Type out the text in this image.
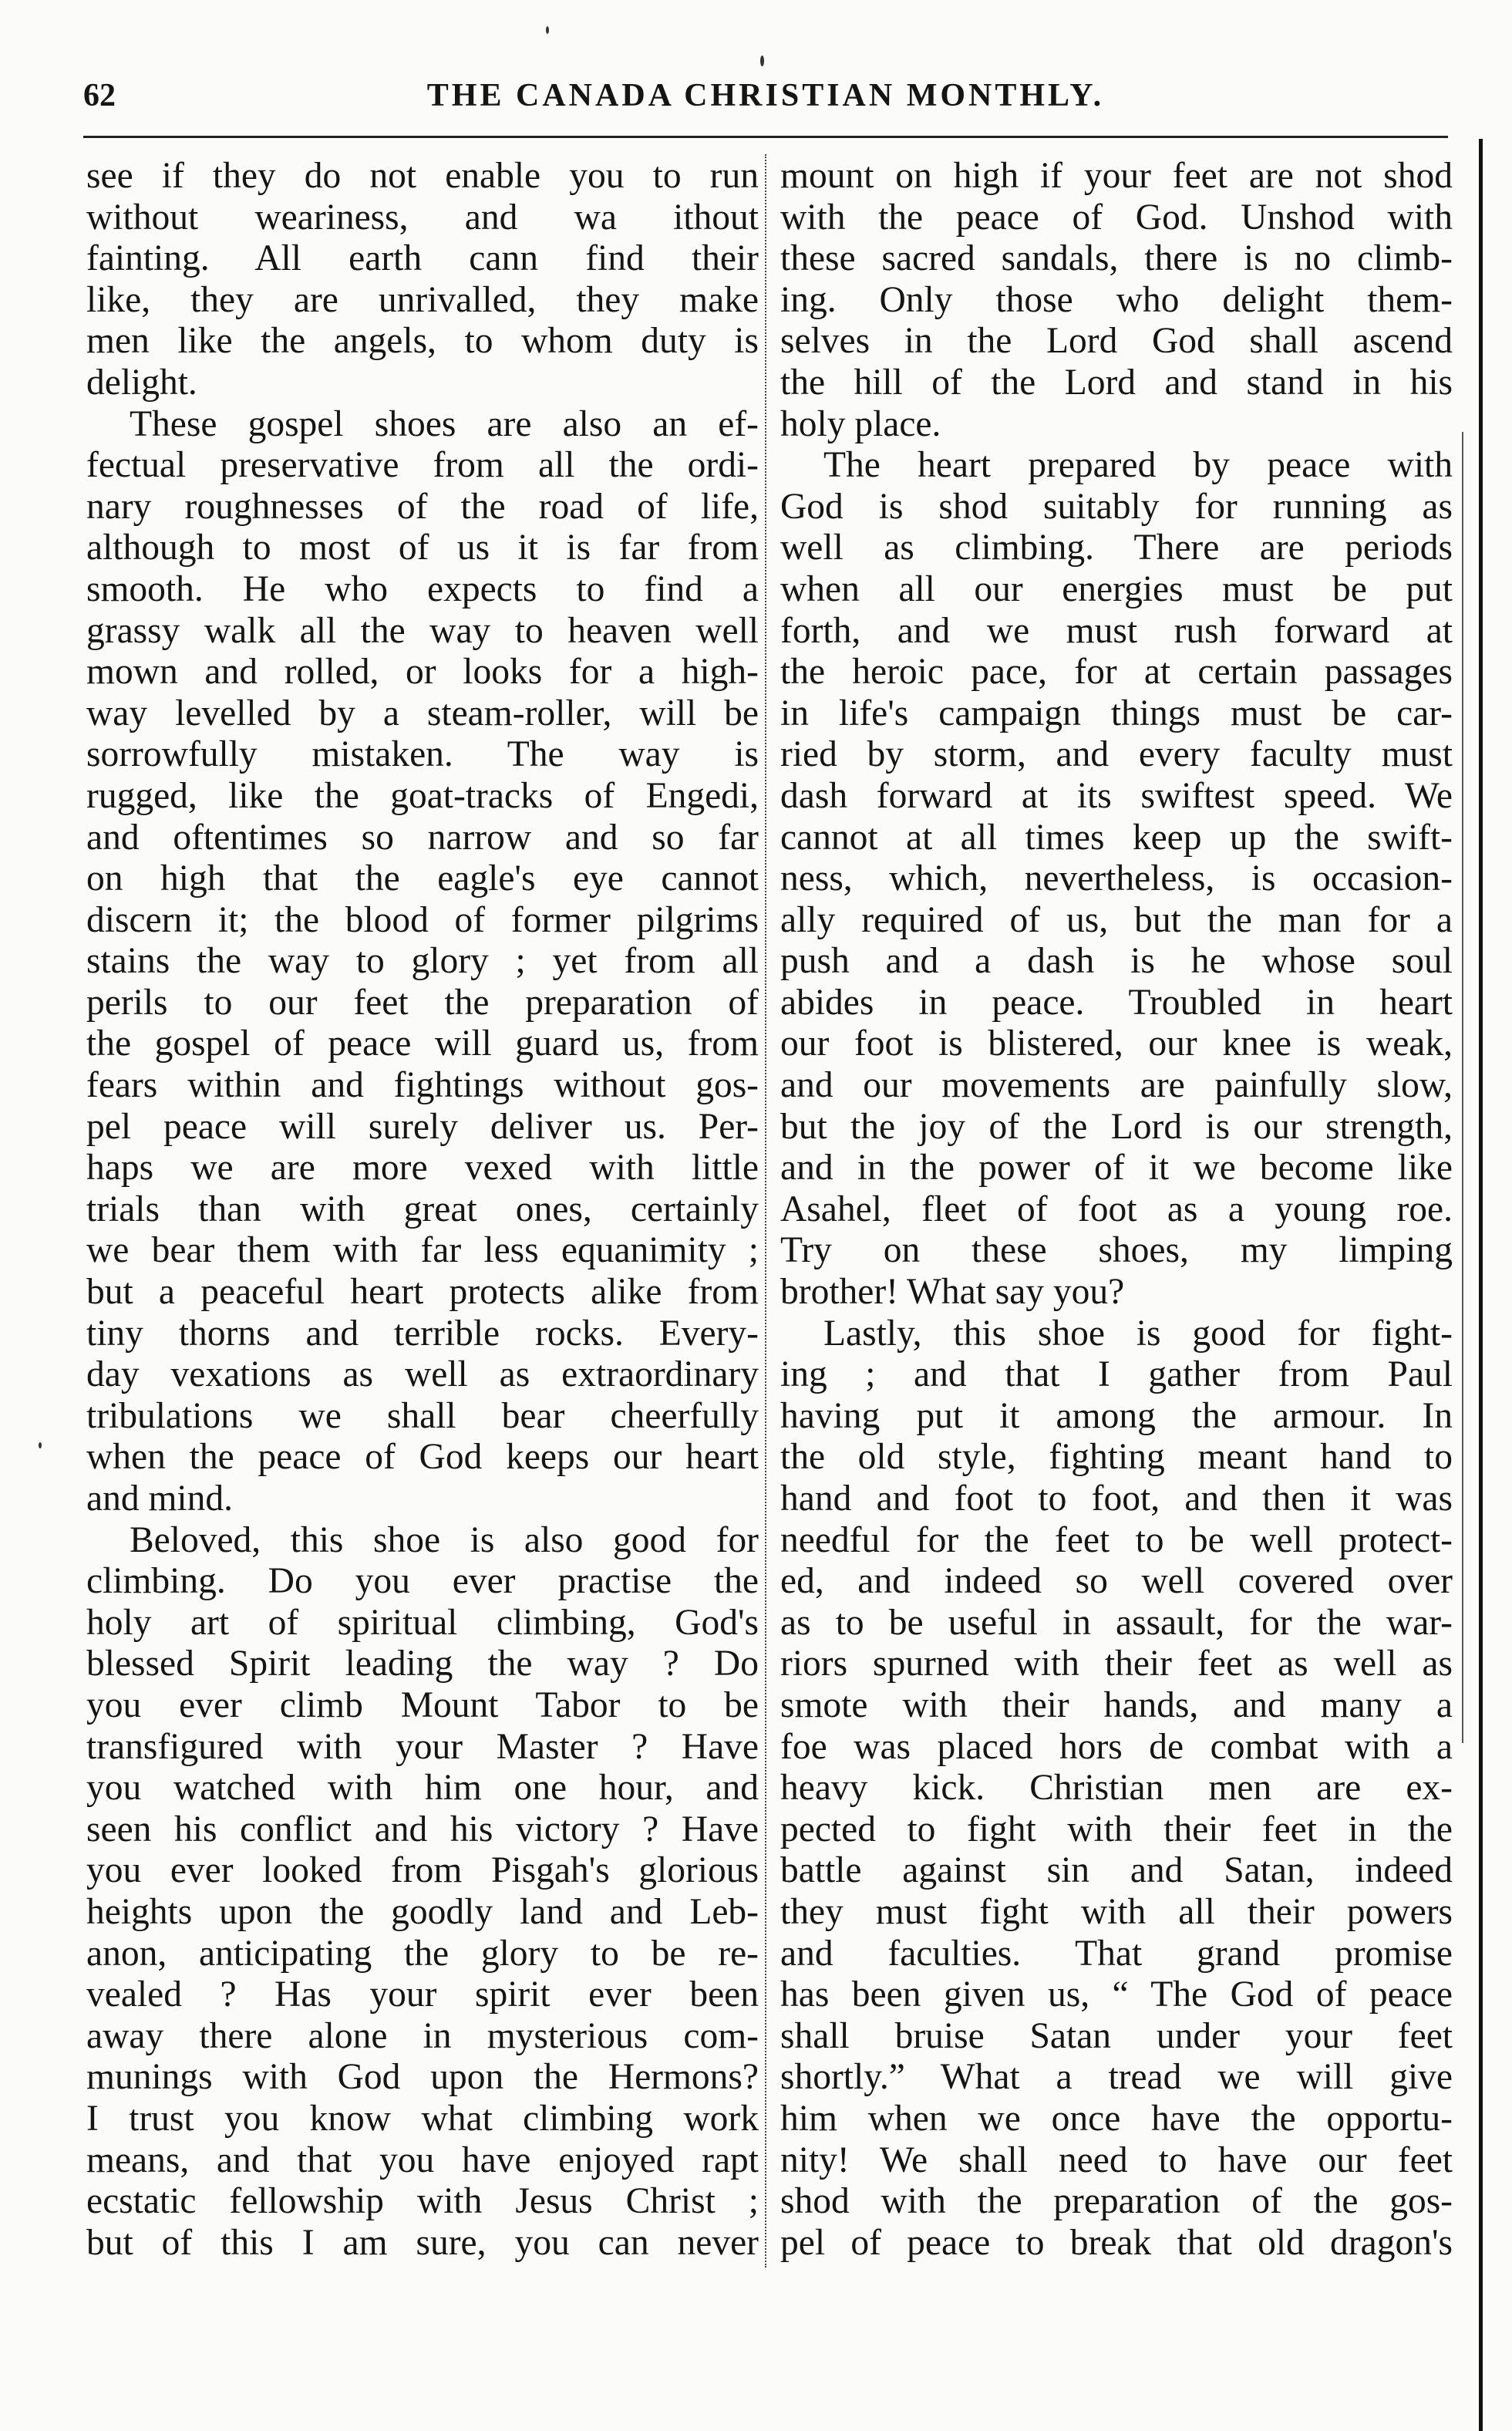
62	THE CANADA CHRISTIAN MONTHLY.
see if they do not enable you to run
without weariness, and wa ithout
fainting. All earth cann find their
like, they are unrivalled, they make
men like the angels, to whom duty is
delight.
These gospel shoes are also an ef-
fectual preservative from all the ordi-
nary roughnesses of the road of life,
although to most of us it is far from
smooth. He who expects to find a
grassy walk all the way to heaven well
mown and rolled, or looks for a high-
way levelled by a steam-roller, will be
sorrowfully mistaken. The way is
rugged, like the goat-tracks of Engedi,
and oftentimes so narrow and so far
on high that the eagle's eye cannot
discern it; the blood of former pilgrims
stains the way to glory ; yet from all
perils to our feet the preparation of
the gospel of peace will guard us, from
fears within and fightings without gos-
pel peace will surely deliver us. Per-
haps we are more vexed with little
trials than with great ones, certainly
we bear them with far less equanimity ;
but a peaceful heart protects alike from
tiny thorns and terrible rocks. Every-
day vexations as well as extraordinary
tribulations we shall bear cheerfully
when the peace of God keeps our heart
and mind.
Beloved, this shoe is also good for
climbing. Do you ever practise the
holy art of spiritual climbing, God's
blessed Spirit leading the way ? Do
you ever climb Mount Tabor to be
transfigured with your Master ? Have
you watched with him one hour, and
seen his conflict and his victory ? Have
you ever looked from Pisgah's glorious
heights upon the goodly land and Leb-
anon, anticipating the glory to be re-
vealed ? Has your spirit ever been
away there alone in mysterious com-
munings with God upon the Hermons?
I trust you know what climbing work
means, and that you have enjoyed rapt
ecstatic fellowship with Jesus Christ ;
but of this I am sure, you can never
mount on high if your feet are not shod
with the peace of God. Unshod with
these sacred sandals, there is no climb-
ing. Only those who delight them-
selves in the Lord God shall ascend
the hill of the Lord and stand in his
holy place.
The heart prepared by peace with
God is shod suitably for running as
well as climbing. There are periods
when all our energies must be put
forth, and we must rush forward at
the heroic pace, for at certain passages
in life's campaign things must be car-
ried by storm, and every faculty must
dash forward at its swiftest speed. We
cannot at all times keep up the swift-
ness, which, nevertheless, is occasion-
ally required of us, but the man for a
push and a dash is he whose soul
abides in peace. Troubled in heart
our foot is blistered, our knee is weak,
and our movements are painfully slow,
but the joy of the Lord is our strength,
and in the power of it we become like
Asahel, fleet of foot as a young roe.
Try on these shoes, my limping
brother! What say you?
Lastly, this shoe is good for fight-
ing ; and that I gather from Paul
having put it among the armour. In
the old style, fighting meant hand to
hand and foot to foot, and then it was
needful for the feet to be well protect-
ed, and indeed so well covered over
as to be useful in assault, for the war-
riors spurned with their feet as well as
smote with their hands, and many a
foe was placed hors de combat with a
heavy kick. Christian men are ex-
pected to fight with their feet in the
battle against sin and Satan, indeed
they must fight with all their powers
and faculties. That grand promise
has been given us, “ The God of peace
shall bruise Satan under your feet
shortly.” What a tread we will give
him when we once have the opportu-
nity! We shall need to have our feet
shod with the preparation of the gos-
pel of peace to break that old dragon's
